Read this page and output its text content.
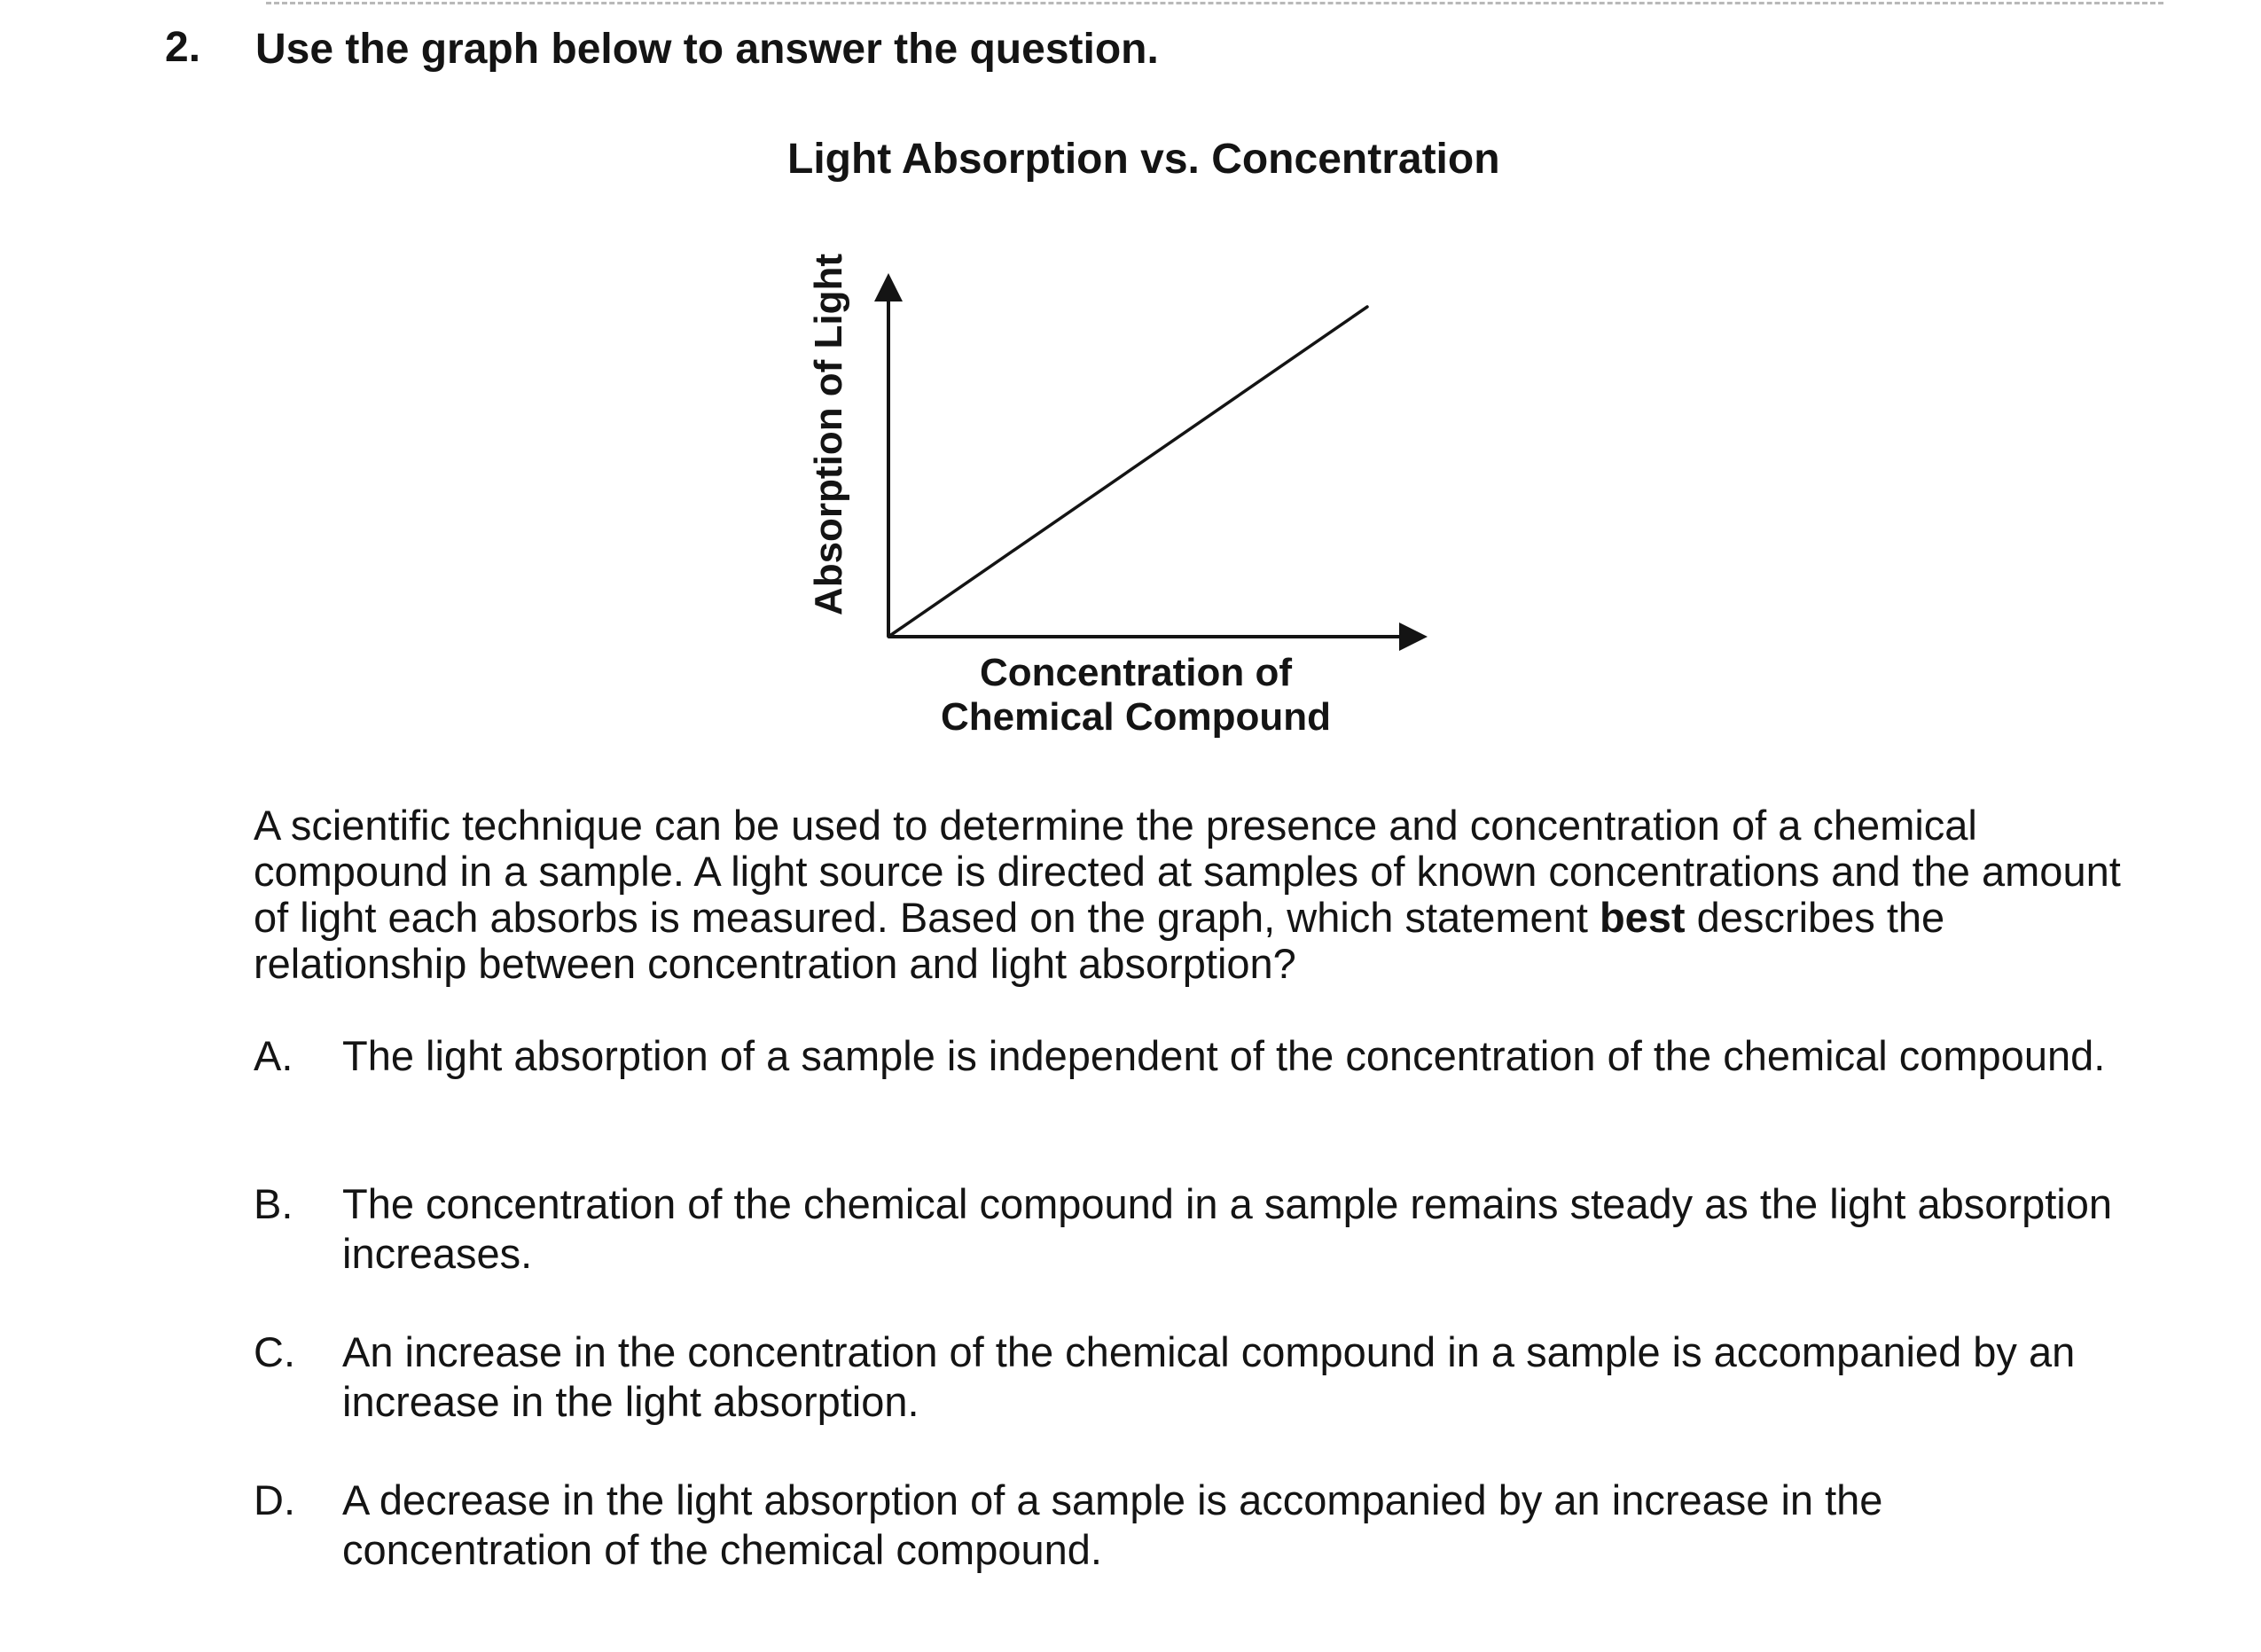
2. Use the graph below to answer the question.
Light Absorption vs. Concentration
Absorption of Light
Concentration of
Chemical Compound
A scientific technique can be used to determine the presence and concentration of a chemical compound in a sample. A light source is directed at samples of known concentrations and the amount of light each absorbs is measured. Based on the graph, which statement best describes the relationship between concentration and light absorption?
A. The light absorption of a sample is independent of the concentration of the chemical compound.
B. The concentration of the chemical compound in a sample remains steady as the light absorption increases.
C. An increase in the concentration of the chemical compound in a sample is accompanied by an increase in the light absorption.
D. A decrease in the light absorption of a sample is accompanied by an increase in the concentration of the chemical compound.
